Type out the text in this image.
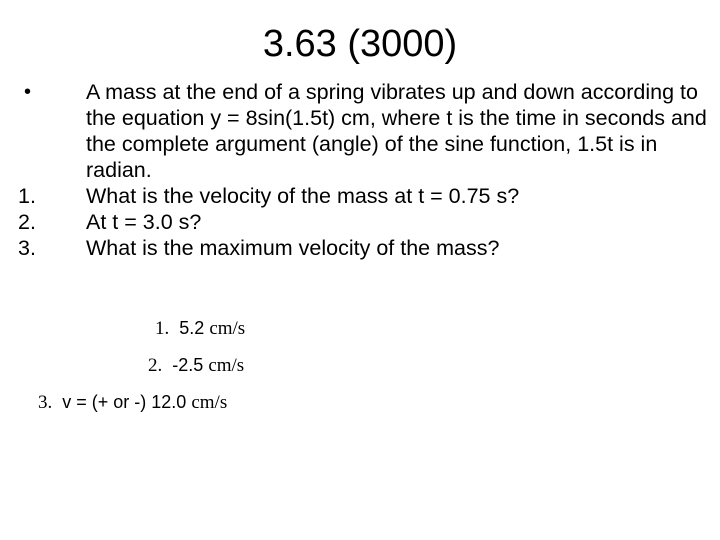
3.63 (3000)
•	A mass at the end of a spring vibrates up and down according to the equation y = 8sin(1.5t) cm, where t is the time in seconds and the complete argument (angle) of the sine function, 1.5t is in radian.
1.	What is the velocity of the mass at t = 0.75 s?
2.	At t = 3.0 s?
3.	What is the maximum velocity of the mass?
1. 5.2 cm/s
2. -2.5 cm/s
3. v = (+ or -) 12.0 cm/s
